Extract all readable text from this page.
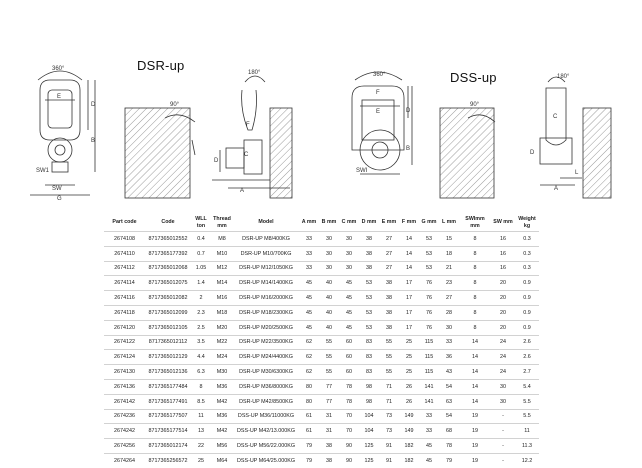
DSR-up
DSS-up
360°
180°
90°
E
D
B
SW1
SW
G
F
C
D
A
360°	180°
90°
F
E	D
B
SWI
C
D
A
L
Part code	Code	WLL ton	Thread mm	Model	A mm	B mm	C mm	D mm	E mm	F mm	G mm	L mm	SWImm mm	SW mm	Weight kg
2674108	8717365012552	0.4	M8	DSR-UP M8/400KG	33	30	30	38	27	14	53	15	8	16	0.3
2674110	8717365177392	0.7	M10	DSR-UP M10/700KG	33	30	30	38	27	14	53	18	8	16	0.3
2674112	8717365012068	1.05	M12	DSR-UP M12/1050KG	33	30	30	38	27	14	53	21	8	16	0.3
2674114	8717365012075	1.4	M14	DSR-UP M14/1400KG	45	40	45	53	38	17	76	23	8	20	0.9
2674116	8717365012082	2	M16	DSR-UP M16/2000KG	45	40	45	53	38	17	76	27	8	20	0.9
2674118	8717365012099	2.3	M18	DSR-UP M18/2300KG	45	40	45	53	38	17	76	28	8	20	0.9
2674120	8717365012105	2.5	M20	DSR-UP M20/2500KG	45	40	45	53	38	17	76	30	8	20	0.9
2674122	8717365012112	3.5	M22	DSR-UP M22/3500KG	62	55	60	83	55	25	115	33	14	24	2.6
2674124	8717365012129	4.4	M24	DSR-UP M24/4400KG	62	55	60	83	55	25	115	36	14	24	2.6
2674130	8717365012136	6.3	M30	DSR-UP M30/6300KG	62	55	60	83	55	25	115	43	14	24	2.7
2674136	8717365177484	8	M36	DSR-UP M36/8000KG	80	77	78	98	71	26	141	54	14	30	5.4
2674142	8717365177491	8.5	M42	DSR-UP M42/8500KG	80	77	78	98	71	26	141	63	14	30	5.5
2674236	8717365177507	11	M36	DSS-UP M36/11000KG	61	31	70	104	73	149	33	54	19	-	5.5
2674242	8717365177514	13	M42	DSS-UP M42/13.000KG	61	31	70	104	73	149	33	68	19	-	11
2674256	8717365012174	22	M56	DSS-UP M56/22.000KG	79	38	90	125	91	182	45	78	19	-	11.3
2674264	8717365256572	25	M64	DSS-UP M64/25.000KG	79	38	90	125	91	182	45	79	19	-	12.2
